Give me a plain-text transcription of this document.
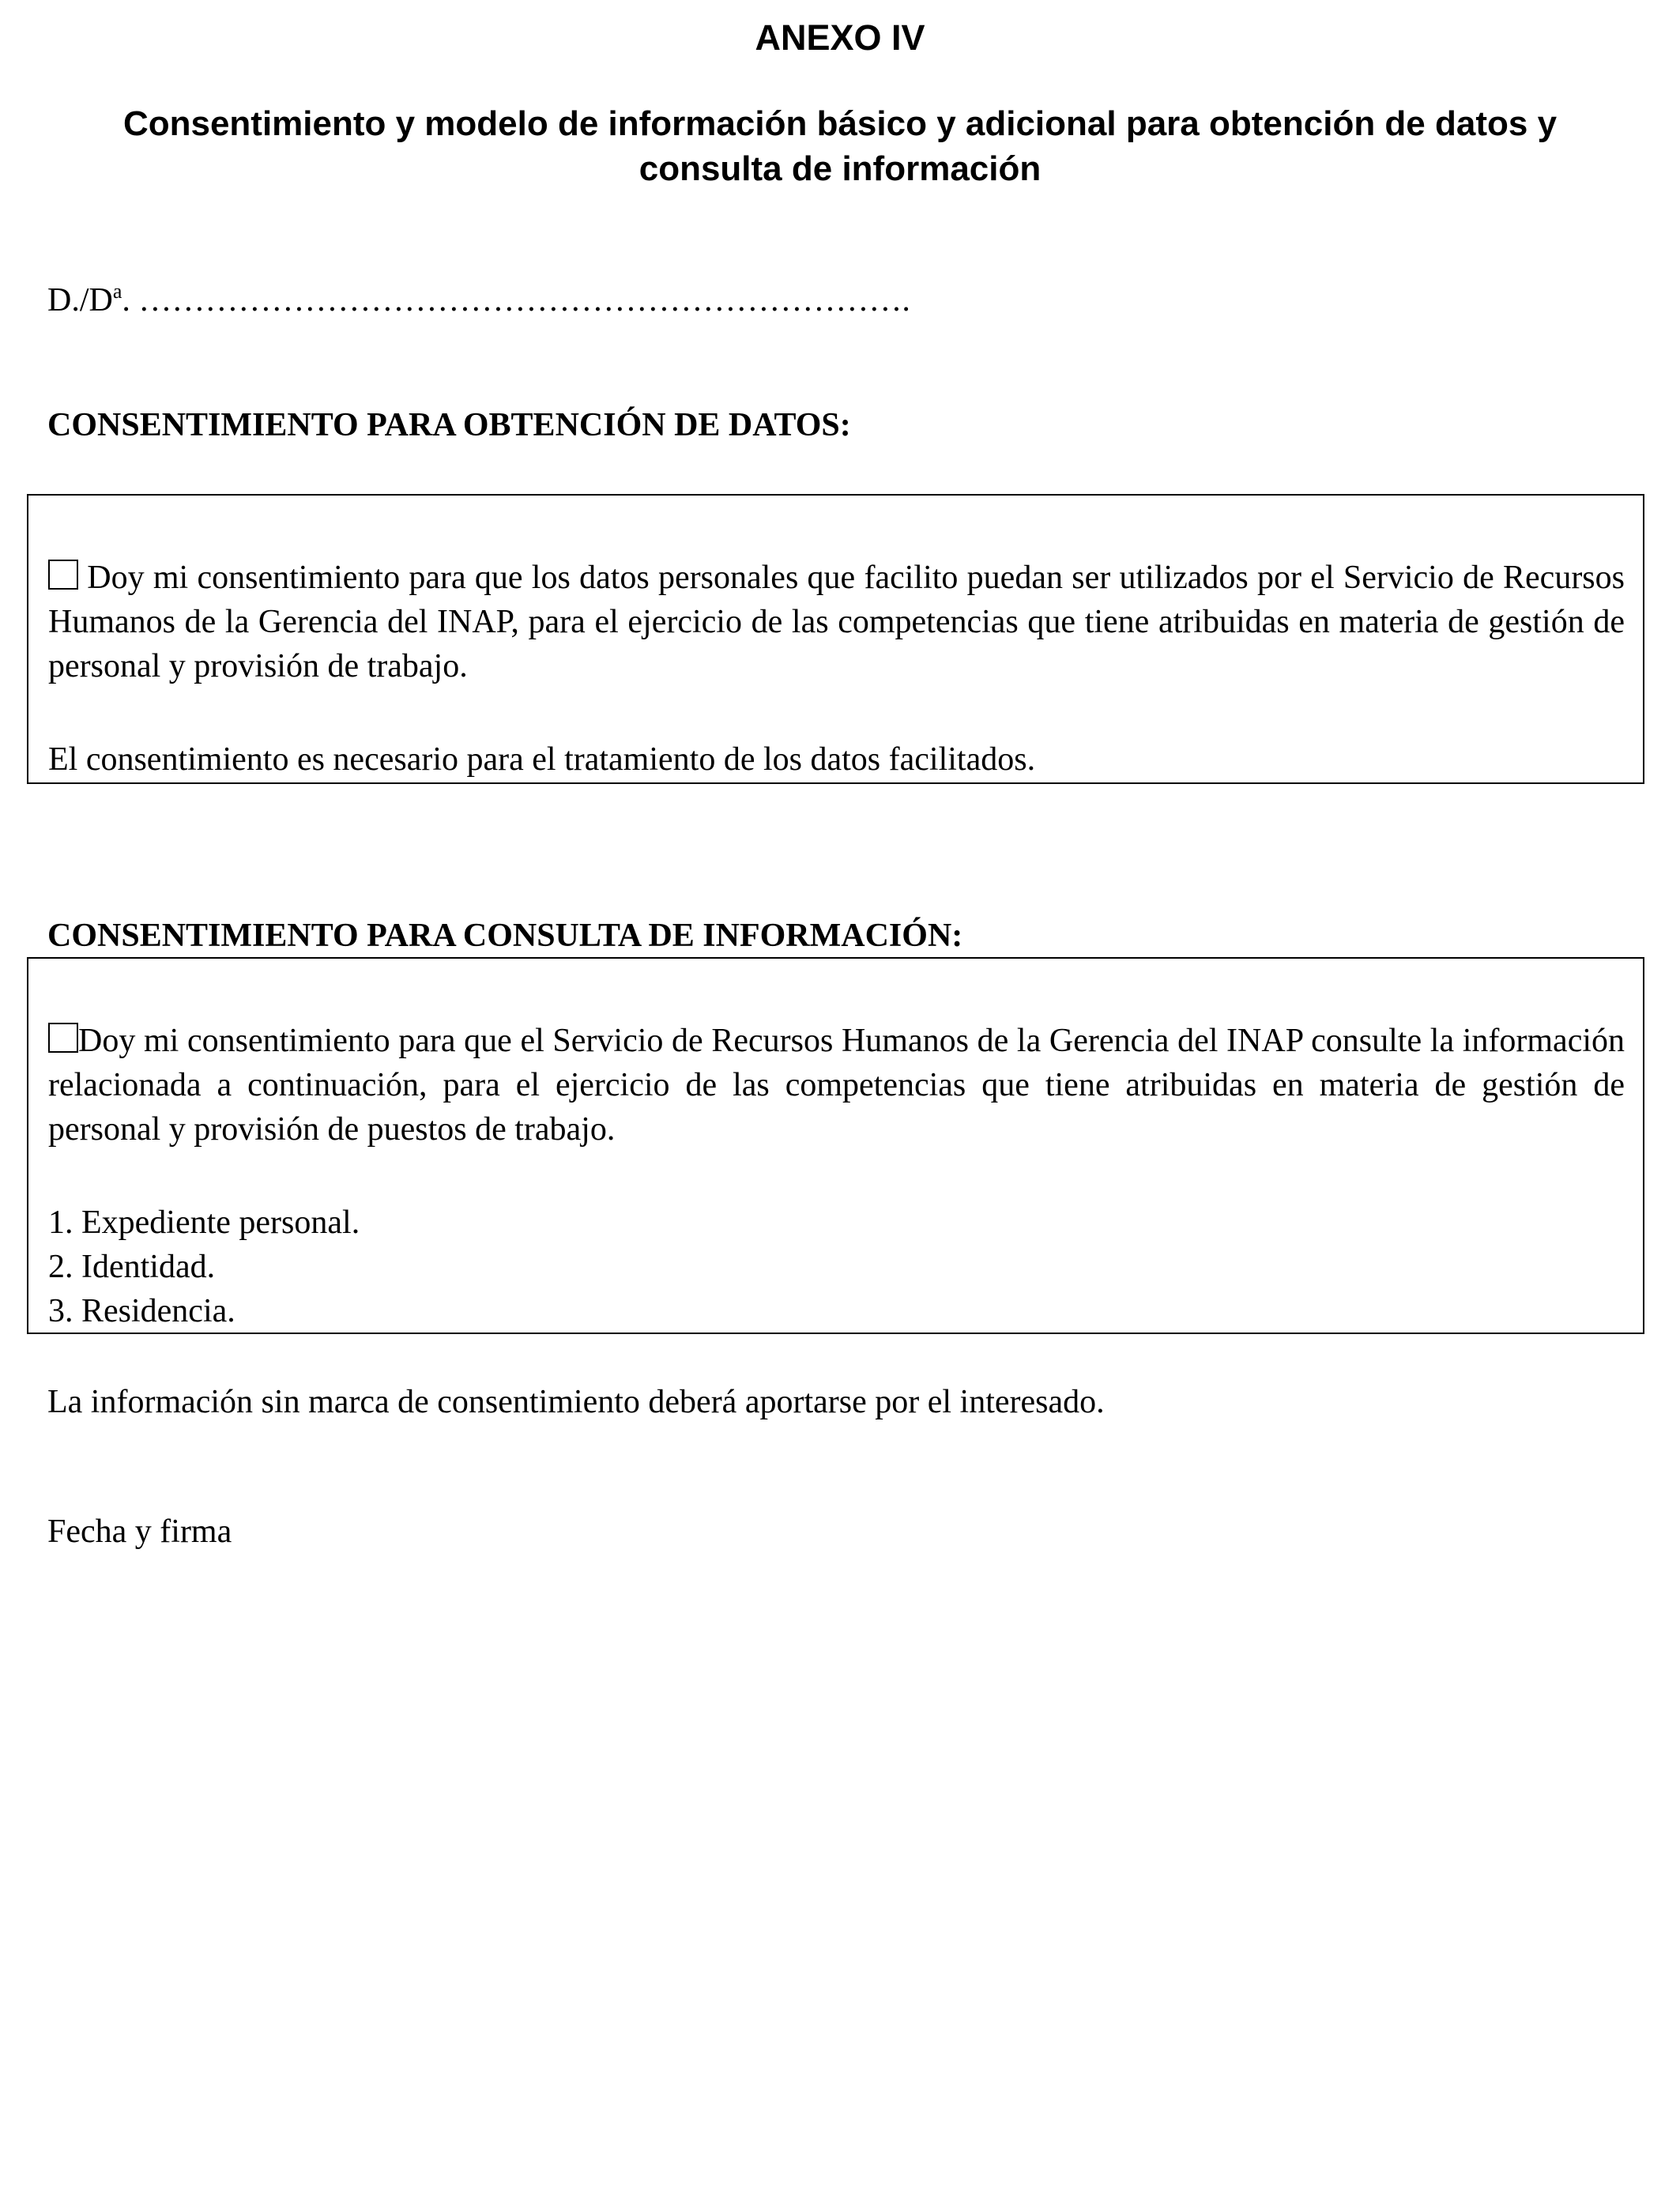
ANEXO IV
Consentimiento y modelo de información básico y adicional para obtención de datos y
consulta de información

$D./D^a$. …………………………………………………………….

CONSENTIMIENTO PARA OBTENCIÓN DE DATOS:

Doy mi consentimiento para que los datos personales que facilito puedan ser utilizados por el Servicio de Recursos Humanos de la Gerencia del INAP, para el ejercicio de las competencias que tiene atribuidas en materia de gestión de personal y provisión de trabajo.

El consentimiento es necesario para el tratamiento de los datos facilitados.

CONSENTIMIENTO PARA CONSULTA DE INFORMACIÓN:

Doy mi consentimiento para que el Servicio de Recursos Humanos de la Gerencia del INAP consulte la información relacionada a continuación, para el ejercicio de las competencias que tiene atribuidas en materia de gestión de personal y provisión de puestos de trabajo.

1. Expediente personal.
2. Identidad.
3. Residencia.

La información sin marca de consentimiento deberá aportarse por el interesado.

Fecha y firma
